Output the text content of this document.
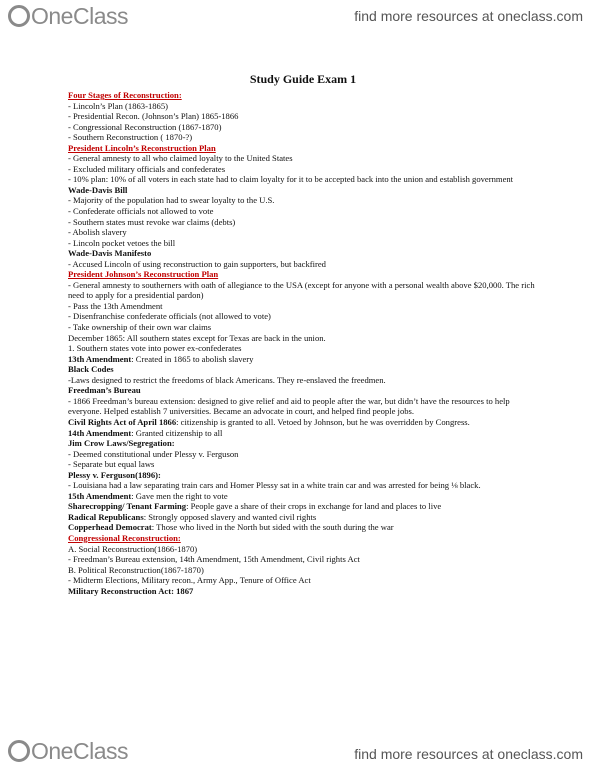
OneClass	find more resources at oneclass.com
Study Guide Exam 1
Four Stages of Reconstruction:
- Lincoln’s Plan (1863-1865)
- Presidential Recon. (Johnson’s Plan) 1865-1866
- Congressional Reconstruction (1867-1870)
- Southern Reconstruction ( 1870-?)
President Lincoln’s Reconstruction Plan
- General amnesty to all who claimed loyalty to the United States
- Excluded military officials and confederates
- 10% plan: 10% of all voters in each state had to claim loyalty for it to be accepted back into the union and establish government
Wade-Davis Bill
- Majority of the population had to swear loyalty to the U.S.
- Confederate officials not allowed to vote
- Southern states must revoke war claims (debts)
- Abolish slavery
- Lincoln pocket vetoes the bill
Wade-Davis Manifesto
- Accused Lincoln of using reconstruction to gain supporters, but backfired
President Johnson’s Reconstruction Plan
- General amnesty to southerners with oath of allegiance to the USA (except for anyone with a personal wealth above $20,000. The rich need to apply for a presidential pardon)
- Pass the 13th Amendment
- Disenfranchise confederate officials (not allowed to vote)
- Take ownership of their own war claims
December 1865: All southern states except for Texas are back in the union.
1. Southern states vote into power ex-confederates
13th Amendment: Created in 1865 to abolish slavery
Black Codes
-Laws designed to restrict the freedoms of black Americans. They re-enslaved the freedmen.
Freedman’s Bureau
- 1866 Freedman’s bureau extension: designed to give relief and aid to people after the war, but didn’t have the resources to help everyone. Helped establish 7 universities. Became an advocate in court, and helped find people jobs.
Civil Rights Act of April 1866: citizenship is granted to all. Vetoed by Johnson, but he was overridden by Congress.
14th Amendment: Granted citizenship to all
Jim Crow Laws/Segregation:
- Deemed constitutional under Plessy v. Ferguson
- Separate but equal laws
Plessy v. Ferguson(1896):
- Louisiana had a law separating train cars and Homer Plessy sat in a white train car and was arrested for being ⅛ black.
15th Amendment: Gave men the right to vote
Sharecropping/ Tenant Farming: People gave a share of their crops in exchange for land and places to live
Radical Republicans: Strongly opposed slavery and wanted civil rights
Copperhead Democrat: Those who lived in the North but sided with the south during the war
Congressional Reconstruction:
A. Social Reconstruction(1866-1870)
- Freedman’s Bureau extension, 14th Amendment, 15th Amendment, Civil rights Act
B. Political Reconstruction(1867-1870)
- Midterm Elections, Military recon., Army App., Tenure of Office Act
Military Reconstruction Act: 1867
OneClass	find more resources at oneclass.com
